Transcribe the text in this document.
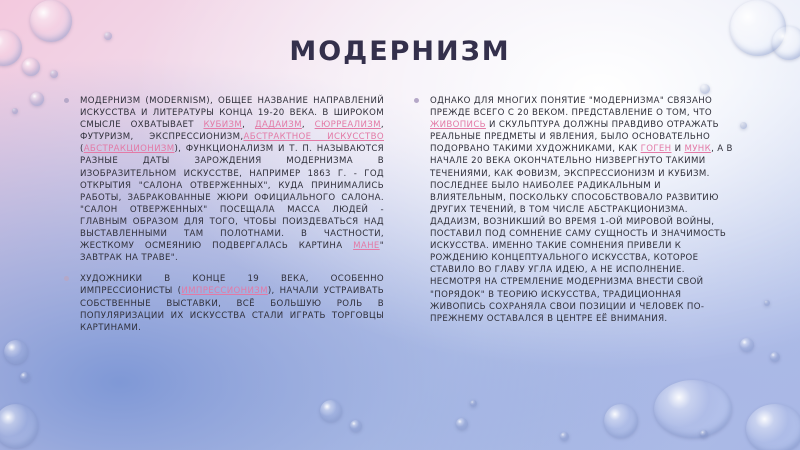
МОДЕРНИЗМ

МОДЕРНИЗМ (MODERNISM), ОБЩЕЕ НАЗВАНИЕ НАПРАВЛЕНИЙ ИСКУССТВА И ЛИТЕРАТУРЫ КОНЦА 19-20 ВЕКА. В ШИРОКОМ СМЫСЛЕ ОХВАТЫВАЕТ КУБИЗМ, ДАДАИЗМ, СЮРРЕАЛИЗМ, ФУТУРИЗМ, ЭКСПРЕССИОНИЗМ,АБСТРАКТНОЕ ИСКУССТВО (АБСТРАКЦИОНИЗМ), ФУНКЦИОНАЛИЗМ И Т. П. НАЗЫВАЮТСЯ РАЗНЫЕ ДАТЫ ЗАРОЖДЕНИЯ МОДЕРНИЗМА В ИЗОБРАЗИТЕЛЬНОМ ИСКУССТВЕ, НАПРИМЕР 1863 Г. - ГОД ОТКРЫТИЯ "САЛОНА ОТВЕРЖЕННЫХ", КУДА ПРИНИМАЛИСЬ РАБОТЫ, ЗАБРАКОВАННЫЕ ЖЮРИ ОФИЦИАЛЬНОГО САЛОНА. "САЛОН ОТВЕРЖЕННЫХ" ПОСЕЩАЛА МАССА ЛЮДЕЙ - ГЛАВНЫМ ОБРАЗОМ ДЛЯ ТОГО, ЧТОБЫ ПОИЗДЕВАТЬСЯ НАД ВЫСТАВЛЕННЫМИ ТАМ ПОЛОТНАМИ. В ЧАСТНОСТИ, ЖЕСТКОМУ ОСМЕЯНИЮ ПОДВЕРГАЛАСЬ КАРТИНА МАНЕ" ЗАВТРАК НА ТРАВЕ".

ХУДОЖНИКИ В КОНЦЕ 19 ВЕКА, ОСОБЕННО ИМПРЕССИОНИСТЫ (ИМПРЕССИОНИЗМ), НАЧАЛИ УСТРАИВАТЬ СОБСТВЕННЫЕ ВЫСТАВКИ, ВСЁ БОЛЬШУЮ РОЛЬ В ПОПУЛЯРИЗАЦИИ ИХ ИСКУССТВА СТАЛИ ИГРАТЬ ТОРГОВЦЫ КАРТИНАМИ.

ОДНАКО ДЛЯ МНОГИХ ПОНЯТИЕ "МОДЕРНИЗМА" СВЯЗАНО ПРЕЖДЕ ВСЕГО С 20 ВЕКОМ. ПРЕДСТАВЛЕНИЕ О ТОМ, ЧТО ЖИВОПИСЬ И СКУЛЬПТУРА ДОЛЖНЫ ПРАВДИВО ОТРАЖАТЬ РЕАЛЬНЫЕ ПРЕДМЕТЫ И ЯВЛЕНИЯ, БЫЛО ОСНОВАТЕЛЬНО ПОДОРВАНО ТАКИМИ ХУДОЖНИКАМИ, КАК ГОГЕН И МУНК, А В НАЧАЛЕ 20 ВЕКА ОКОНЧАТЕЛЬНО НИЗВЕРГНУТО ТАКИМИ ТЕЧЕНИЯМИ, КАК ФОВИЗМ, ЭКСПРЕССИОНИЗМ И КУБИЗМ. ПОСЛЕДНЕЕ БЫЛО НАИБОЛЕЕ РАДИКАЛЬНЫМ И ВЛИЯТЕЛЬНЫМ, ПОСКОЛЬКУ СПОСОБСТВОВАЛО РАЗВИТИЮ ДРУГИХ ТЕЧЕНИЙ, В ТОМ ЧИСЛЕ АБСТРАКЦИОНИЗМА. ДАДАИЗМ, ВОЗНИКШИЙ ВО ВРЕМЯ 1-ОЙ МИРОВОЙ ВОЙНЫ, ПОСТАВИЛ ПОД СОМНЕНИЕ САМУ СУЩНОСТЬ И ЗНАЧИМОСТЬ ИСКУССТВА. ИМЕННО ТАКИЕ СОМНЕНИЯ ПРИВЕЛИ К РОЖДЕНИЮ КОНЦЕПТУАЛЬНОГО ИСКУССТВА, КОТОРОЕ СТАВИЛО ВО ГЛАВУ УГЛА ИДЕЮ, А НЕ ИСПОЛНЕНИЕ. НЕСМОТРЯ НА СТРЕМЛЕНИЕ МОДЕРНИЗМА ВНЕСТИ СВОЙ "ПОРЯДОК" В ТЕОРИЮ ИСКУССТВА, ТРАДИЦИОННАЯ ЖИВОПИСЬ СОХРАНЯЛА СВОИ ПОЗИЦИИ И ЧЕЛОВЕК ПО-ПРЕЖНЕМУ ОСТАВАЛСЯ В ЦЕНТРЕ ЕЁ ВНИМАНИЯ.
